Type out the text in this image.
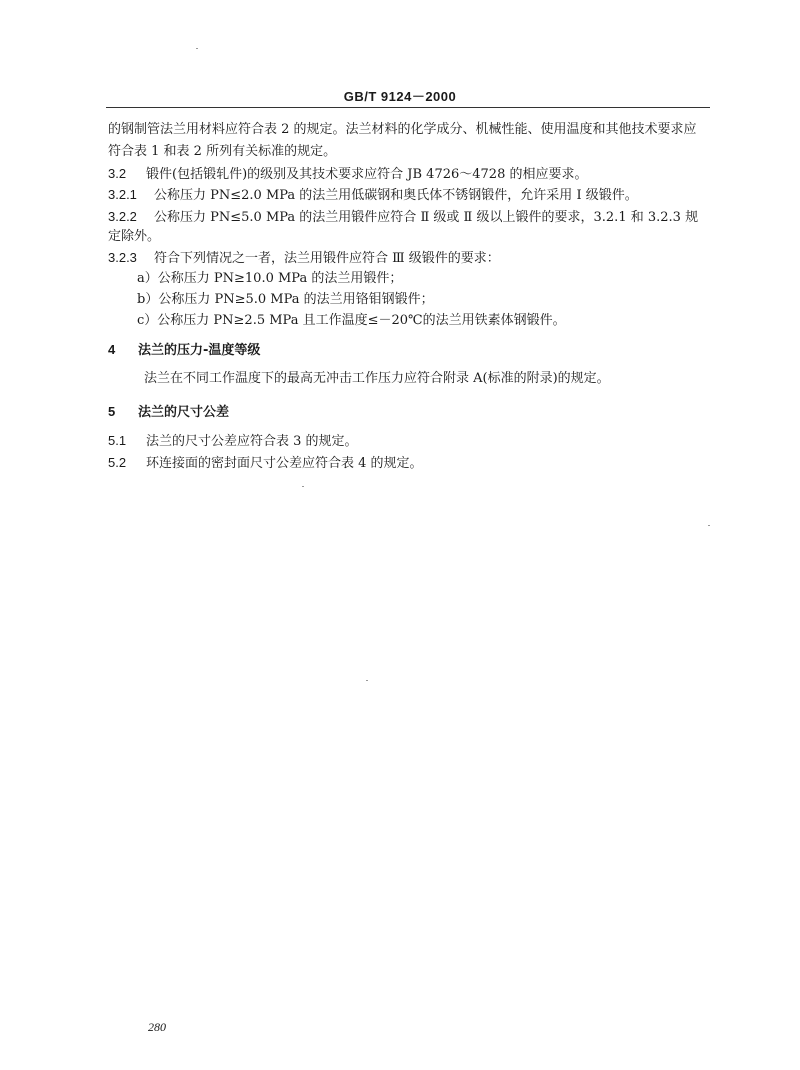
GB/T 9124－2000
的钢制管法兰用材料应符合表 2 的规定。法兰材料的化学成分、机械性能、使用温度和其他技术要求应
符合表 1 和表 2 所列有关标准的规定。
3.2 锻件(包括锻轧件)的级别及其技术要求应符合 JB 4726～4728 的相应要求。
3.2.1 公称压力 PN≤2.0 MPa 的法兰用低碳钢和奥氏体不锈钢锻件，允许采用 Ⅰ 级锻件。
3.2.2 公称压力 PN≤5.0 MPa 的法兰用锻件应符合 Ⅱ 级或 Ⅱ 级以上锻件的要求，3.2.1 和 3.2.3 规
定除外。
3.2.3 符合下列情况之一者，法兰用锻件应符合 Ⅲ 级锻件的要求：
a）公称压力 PN≥10.0 MPa 的法兰用锻件；
b）公称压力 PN≥5.0 MPa 的法兰用铬钼钢锻件；
c）公称压力 PN≥2.5 MPa 且工作温度≤－20℃的法兰用铁素体钢锻件。
4 法兰的压力-温度等级
法兰在不同工作温度下的最高无冲击工作压力应符合附录 A(标准的附录)的规定。
5 法兰的尺寸公差
5.1 法兰的尺寸公差应符合表 3 的规定。
5.2 环连接面的密封面尺寸公差应符合表 4 的规定。
280
